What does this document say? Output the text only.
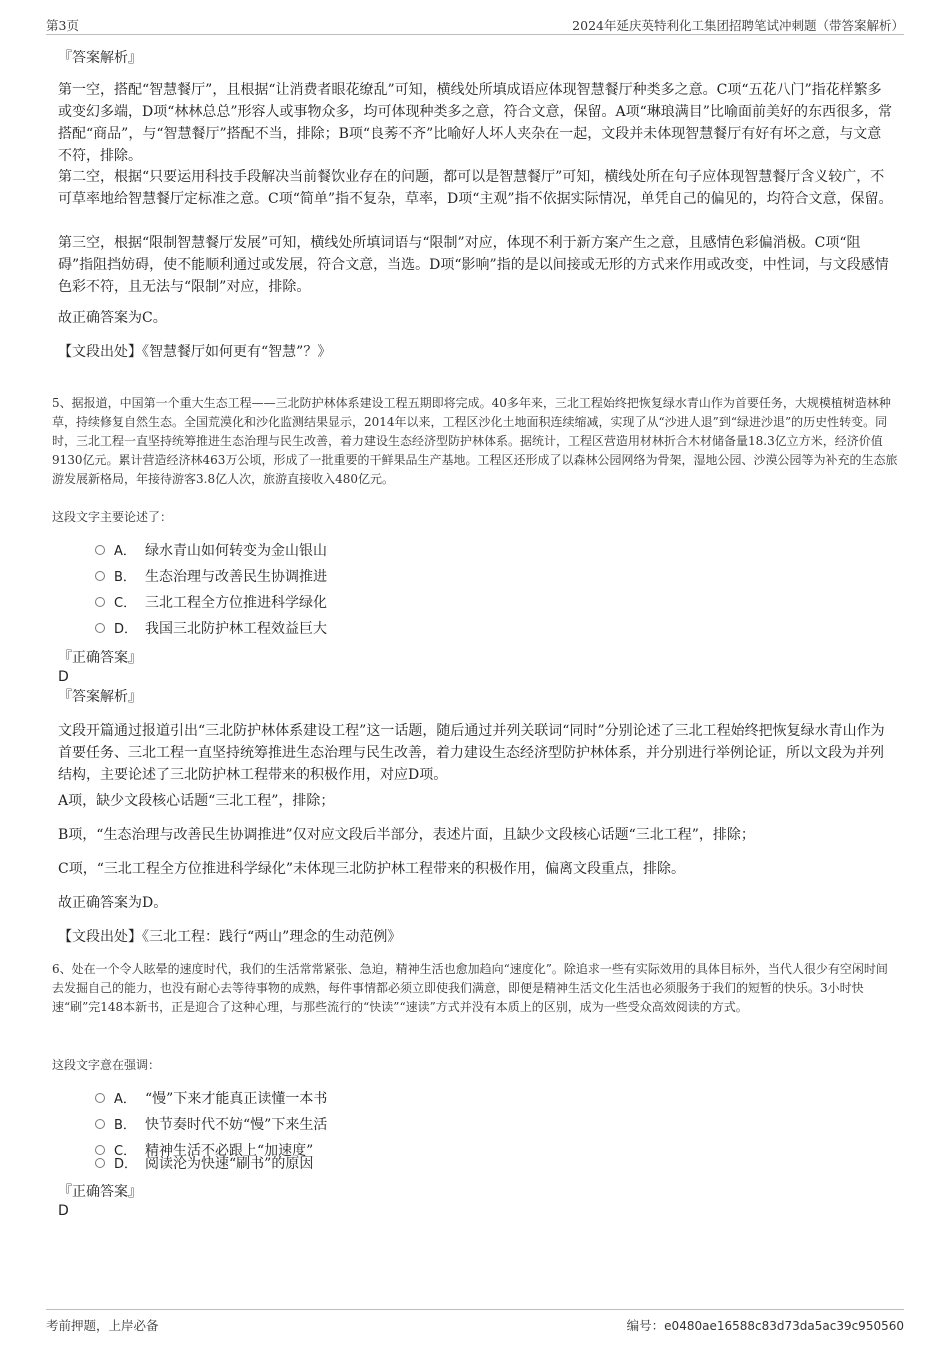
第3页	2024年延庆英特利化工集团招聘笔试冲刺题（带答案解析）
『答案解析』
第一空，搭配“智慧餐厅”，且根据“让消费者眼花缭乱”可知，横线处所填成语应体现智慧餐厅种类多之意。C项“五花八门”指花样繁多或变幻多端，D项“林林总总”形容人或事物众多，均可体现种类多之意，符合文意，保留。A项“琳琅满目”比喻面前美好的东西很多，常搭配“商品”，与“智慧餐厅”搭配不当，排除；B项“良莠不齐”比喻好人坏人夹杂在一起，文段并未体现智慧餐厅有好有坏之意，与文意不符，排除。
第二空，根据“只要运用科技手段解决当前餐饮业存在的问题，都可以是智慧餐厅”可知，横线处所在句子应体现智慧餐厅含义较广，不可草率地给智慧餐厅定标准之意。C项“简单”指不复杂，草率，D项“主观”指不依据实际情况，单凭自己的偏见的，均符合文意，保留。
第三空，根据“限制智慧餐厅发展”可知，横线处所填词语与“限制”对应，体现不利于新方案产生之意，且感情色彩偏消极。C项“阻碍”指阻挡妨碍，使不能顺利通过或发展，符合文意，当选。D项“影响”指的是以间接或无形的方式来作用或改变，中性词，与文段感情色彩不符，且无法与“限制”对应，排除。
故正确答案为C。
【文段出处】《智慧餐厅如何更有“智慧”？》
5、据报道，中国第一个重大生态工程——三北防护林体系建设工程五期即将完成。40多年来，三北工程始终把恢复绿水青山作为首要任务，大规模植树造林种草，持续修复自然生态。全国荒漠化和沙化监测结果显示，2014年以来，工程区沙化土地面积连续缩减，实现了从“沙进人退”到“绿进沙退”的历史性转变。同时，三北工程一直坚持统筹推进生态治理与民生改善，着力建设生态经济型防护林体系。据统计，工程区营造用材林折合木材储备量18.3亿立方米，经济价值9130亿元。累计营造经济林463万公顷，形成了一批重要的干鲜果品生产基地。工程区还形成了以森林公园网络为骨架，湿地公园、沙漠公园等为补充的生态旅游发展新格局，年接待游客3.8亿人次，旅游直接收入480亿元。
这段文字主要论述了：
A． 绿水青山如何转变为金山银山
B． 生态治理与改善民生协调推进
C． 三北工程全方位推进科学绿化
D． 我国三北防护林工程效益巨大
『正确答案』
D
『答案解析』
文段开篇通过报道引出“三北防护林体系建设工程”这一话题，随后通过并列关联词“同时”分别论述了三北工程始终把恢复绿水青山作为首要任务、三北工程一直坚持统筹推进生态治理与民生改善，着力建设生态经济型防护林体系，并分别进行举例论证，所以文段为并列结构，主要论述了三北防护林工程带来的积极作用，对应D项。
A项，缺少文段核心话题“三北工程”，排除；
B项，“生态治理与改善民生协调推进”仅对应文段后半部分，表述片面，且缺少文段核心话题“三北工程”，排除；
C项，“三北工程全方位推进科学绿化”未体现三北防护林工程带来的积极作用，偏离文段重点，排除。
故正确答案为D。
【文段出处】《三北工程：践行“两山”理念的生动范例》
6、处在一个令人眩晕的速度时代，我们的生活常常紧张、急迫，精神生活也愈加趋向“速度化”。除追求一些有实际效用的具体目标外，当代人很少有空闲时间去发掘自己的能力，也没有耐心去等待事物的成熟，每件事情都必须立即使我们满意，即便是精神生活文化生活也必须服务于我们的短暂的快乐。3小时快速“刷”完148本新书，正是迎合了这种心理，与那些流行的“快读”“速读”方式并没有本质上的区别，成为一些受众高效阅读的方式。
这段文字意在强调：
A． “慢”下来才能真正读懂一本书
B． 快节奏时代不妨“慢”下来生活
C． 精神生活不必跟上“加速度”
D． 阅读沦为快速“刷书”的原因
『正确答案』
D
考前押题，上岸必备	编号：e0480ae16588c83d73da5ac39c950560
